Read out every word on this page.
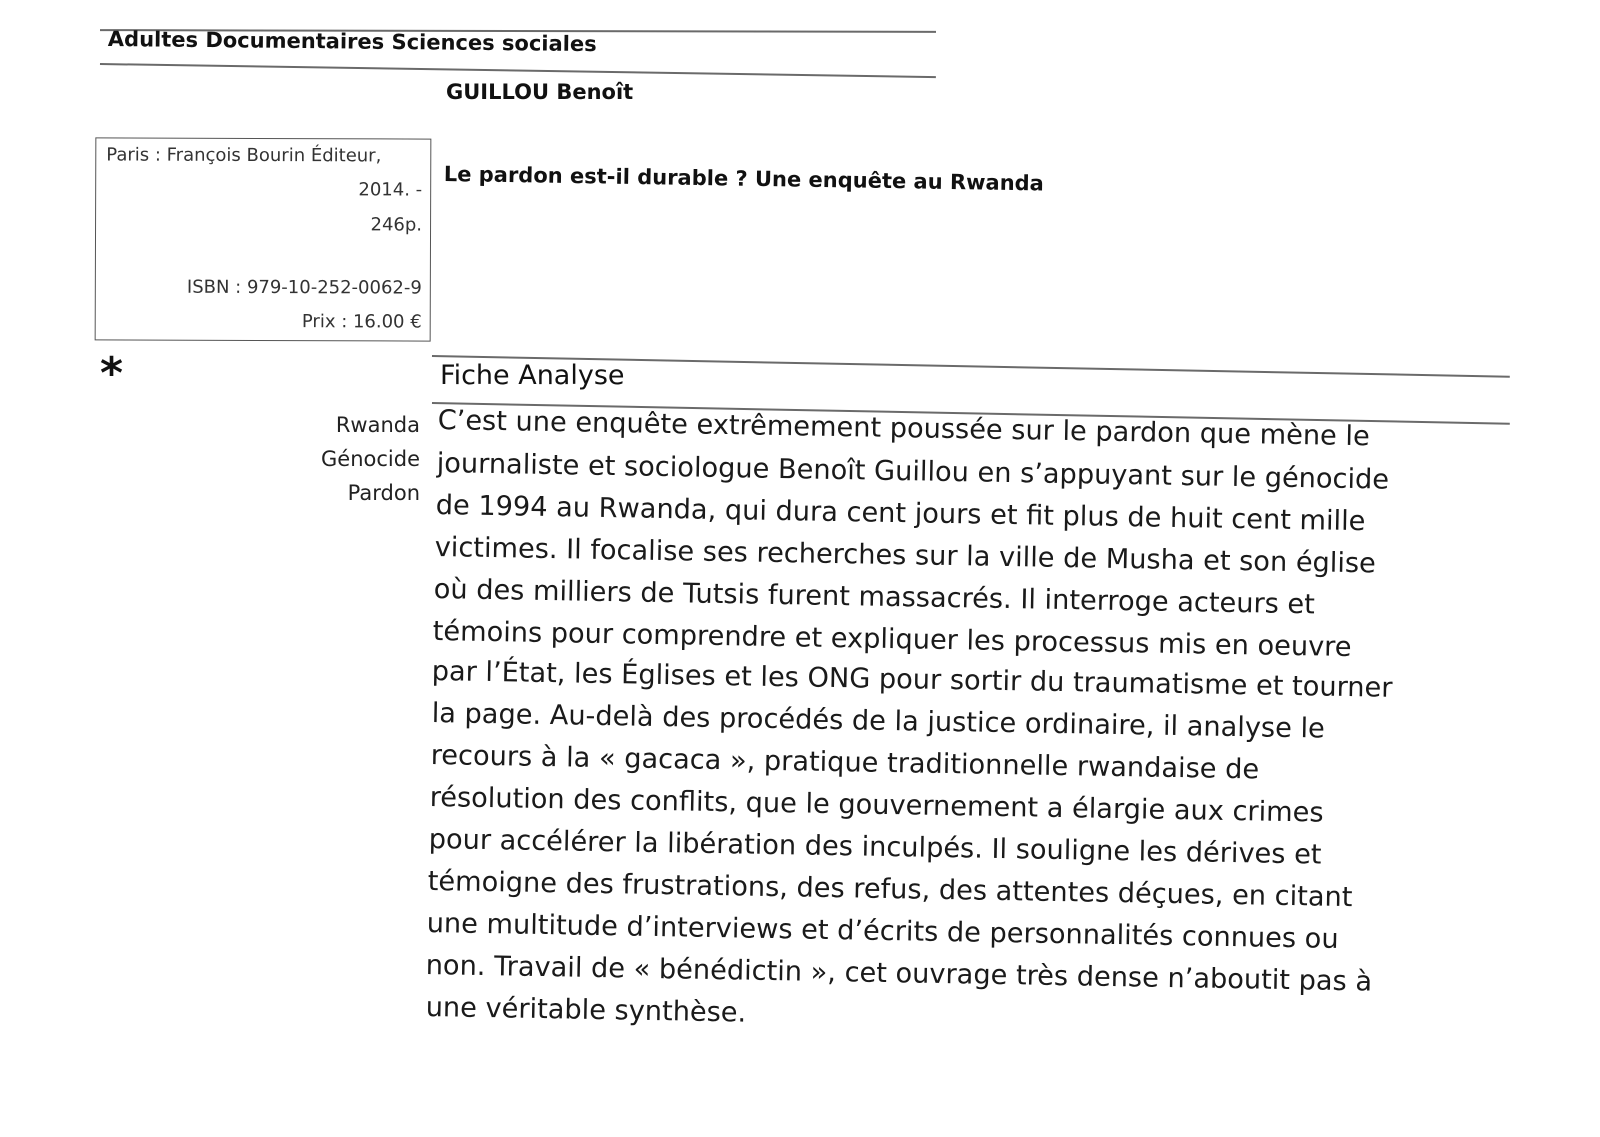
Adultes Documentaires Sciences sociales
GUILLOU Benoît
Paris : François Bourin Éditeur,
2014. -
246p.
ISBN : 979-10-252-0062-9
Prix : 16.00 €
Le pardon est-il durable ? Une enquête au Rwanda
*	Fiche Analyse
Rwanda
Génocide
Pardon
C’est une enquête extrêmement poussée sur le pardon que mène le
journaliste et sociologue Benoît Guillou en s’appuyant sur le génocide
de 1994 au Rwanda, qui dura cent jours et fit plus de huit cent mille
victimes. Il focalise ses recherches sur la ville de Musha et son église
où des milliers de Tutsis furent massacrés. Il interroge acteurs et
témoins pour comprendre et expliquer les processus mis en oeuvre
par l’État, les Églises et les ONG pour sortir du traumatisme et tourner
la page. Au-delà des procédés de la justice ordinaire, il analyse le
recours à la « gacaca », pratique traditionnelle rwandaise de
résolution des conflits, que le gouvernement a élargie aux crimes
pour accélérer la libération des inculpés. Il souligne les dérives et
témoigne des frustrations, des refus, des attentes déçues, en citant
une multitude d’interviews et d’écrits de personnalités connues ou
non. Travail de « bénédictin », cet ouvrage très dense n’aboutit pas à
une véritable synthèse.
